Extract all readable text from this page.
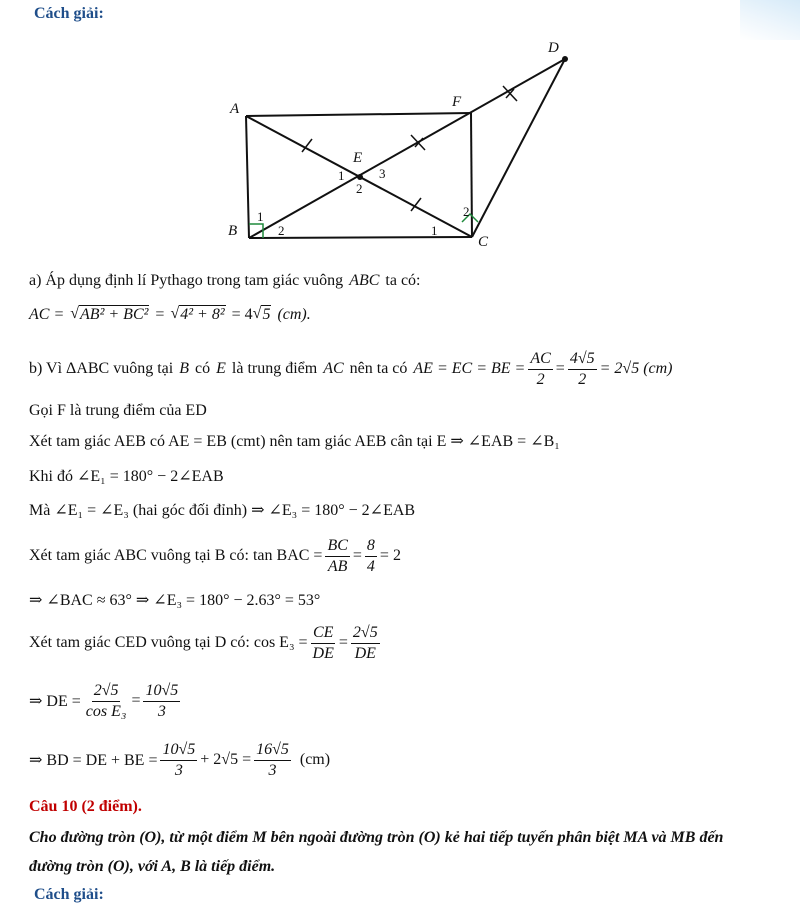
Cách giải:
A
B
C
D
E
F
1
2
3
1
2	1
2
a) Áp dụng định lí Pythago trong tam giác vuông ABC ta có:
AC = √ AB² + BC² = √ 4² + 8² = 4 √ 5 (cm).
b) Vì ΔABC vuông tại B có E là trung điểm AC nên ta có AE = EC = BE = $\frac{AC}{2} = \frac{4√5}{2} = 2√5$ (cm)
Gọi F là trung điểm của ED
Xét tam giác AEB có AE = EB (cmt) nên tam giác AEB cân tại E ⇒ ∠EAB = ∠B₁
Khi đó ∠E₁ = 180° − 2∠EAB
Mà ∠E₁ = ∠E₃ (hai góc đối đỉnh) ⇒ ∠E₃ = 180° − 2∠EAB
Xét tam giác ABC vuông tại B có: tan BAC = $\frac{BC}{AB} = \frac{8}{4} = 2$
⇒ ∠BAC ≈ 63° ⇒ ∠E₃ = 180° − 2.63° = 53°
Xét tam giác CED vuông tại D có: $\cos E_3 = \frac{CE}{DE} = \frac{2√5}{DE}$
⇒ DE = $\frac{2√5}{\text{cos E₃}} = \frac{10√5}{3}$
⇒ BD = DE + BE = $\frac{10√5}{3} + 2√5 = \frac{16√5}{3} (cm)$
Câu 10 (2 điểm).
Cho đường tròn (O), từ một điểm M bên ngoài đường tròn (O) kẻ hai tiếp tuyến phân biệt MA và MB đến
đường tròn (O), với A, B là tiếp điểm.
Cách giải:
